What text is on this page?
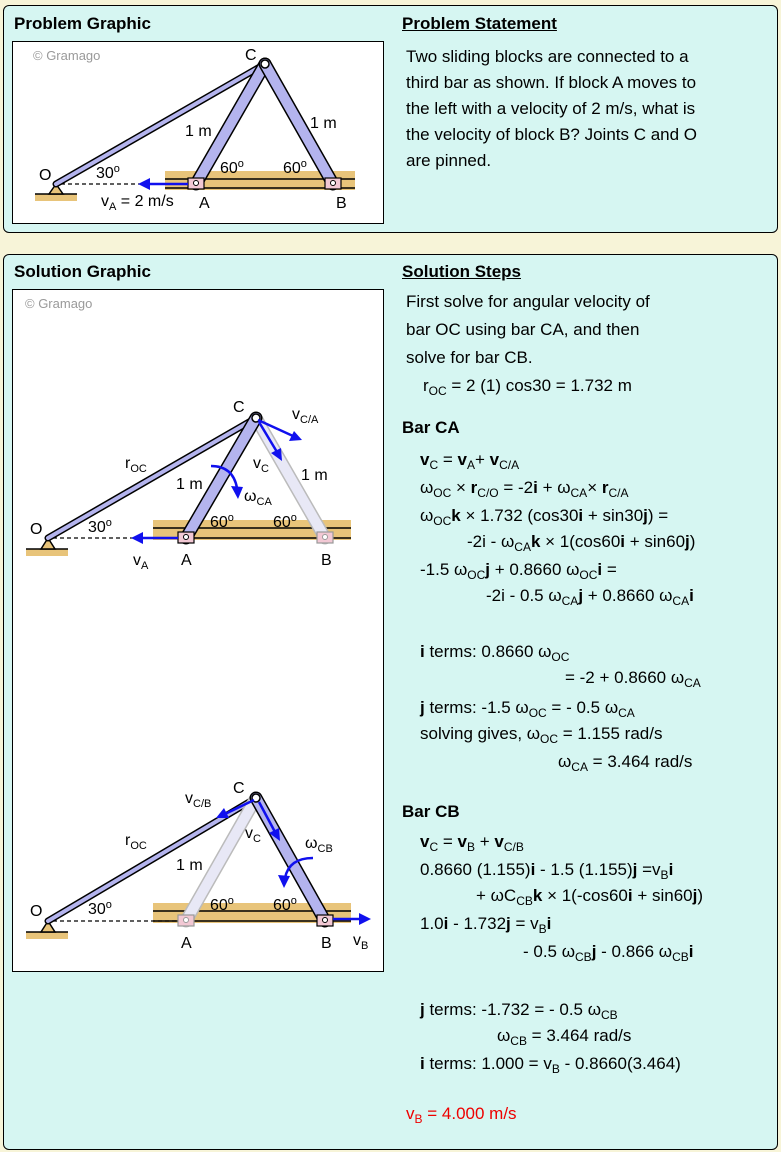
Problem Graphic	Problem Statement
© Gramago	C
O
A	B
1 m	1 m
30$^o$	60$^o$ 60$^o$
$v_A = 2$ m/s
Two sliding blocks are connected to a
third bar as shown. If block A moves to
the left with a velocity of 2 m/s, what is
the velocity of block B? Joints C and O
are pinned.
Solution Graphic	Solution Steps
© Gramago
C
O
A	B
1 m
1 m
30$^o$	60$^o$ 60$^o$
$r_{OC}$
$v_A$
$v_{C/A}$
$v_C$
$\omega_{CA}$
C
O
A	B
1 m
30$^o$	60$^o$ 60$^o$
$r_{OC}$
$v_B$
$v_{C/B}$
$v_C$	$\omega_{CB}$
First solve for angular velocity of
bar OC using bar CA, and then
solve for bar CB.
$r_{OC} = 2$ (1) cos30 = 1.732 m
Bar CA
$v_C = v_A+ v_{C/A}$
$\omega_{OC} \times r_{C/O} = -2i + \omega_{CA}\times r_{C/A}$
$\omega_{OC}k \times 1.732$ (cos30i + sin30j) =
$-2i - \omega_{CA}k \times 1(\cos 60i + \sin 60j)$
-1.5 $\omega_{OC}j + 0.8660$ $\omega_{OC}i$ =
-2i - 0.5 $\omega_{CA}j + 0.8660$ $\omega_{CA}i$
i terms: 0.8660 $\omega_{OC}$
= -2 + 0.8660 $\omega_{CA}$
j terms: -1.5 $\omega_{OC}$ = - 0.5 $\omega_{CA}$
solving gives, $\omega_{OC} = 1.155$ rad/s
$\omega_{CA} = 3.464$ rad/s
Bar CB
$v_C = v_B + v_{C/B}$
0.8660 (1.155)i - 1.5 $(1.155)j =v_Bi$
+ $\omega C_{CB}k \times 1(-\cos 60i + \sin 60j)$
$1.0i - 1.732j = v_Bi$
- 0.5 $\omega_{CB}j - 0.866$ $\omega_{CB}i$
j terms: -1.732 = - 0.5 $\omega_{CB}$
$\omega_{CB} = 3.464$ rad/s
i terms: $1.000 = v_B - 0.8660(3.464)$
$v_B = 4.000$ m/s
